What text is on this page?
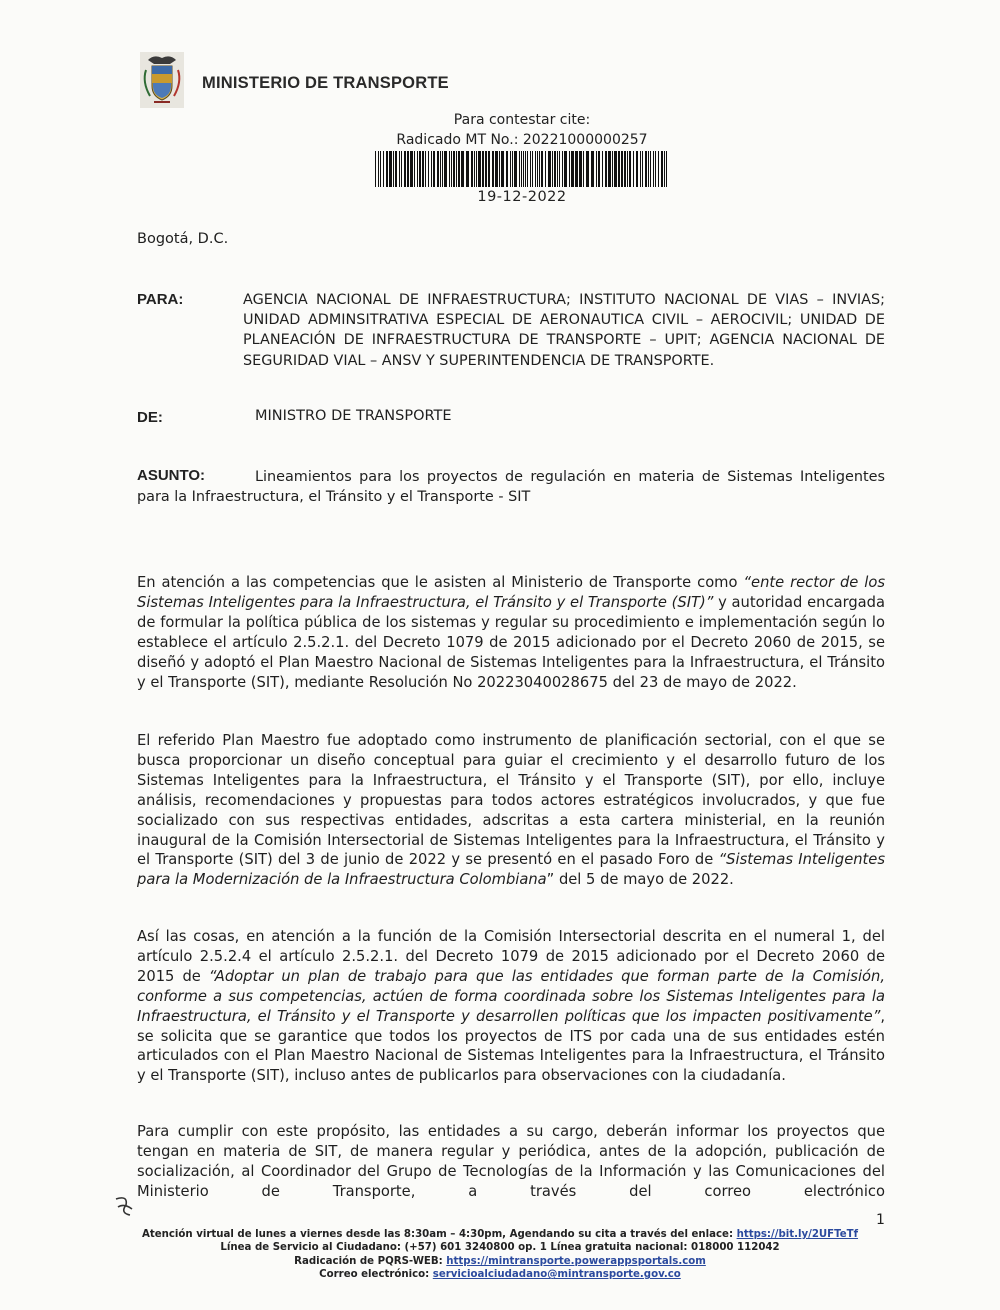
MINISTERIO DE TRANSPORTE
Para contestar cite:
Radicado MT No.: 20221000000257
19-12-2022
Bogotá, D.C.
PARA:	AGENCIA NACIONAL DE INFRAESTRUCTURA; INSTITUTO NACIONAL DE VIAS – INVIAS; UNIDAD ADMINSITRATIVA ESPECIAL DE AERONAUTICA CIVIL – AEROCIVIL; UNIDAD DE PLANEACIÓN DE INFRAESTRUCTURA DE TRANSPORTE – UPIT; AGENCIA NACIONAL DE SEGURIDAD VIAL – ANSV Y SUPERINTENDENCIA DE TRANSPORTE.
DE:	MINISTRO DE TRANSPORTE
ASUNTO:	Lineamientos para los proyectos de regulación en materia de Sistemas Inteligentes para la Infraestructura, el Tránsito y el Transporte - SIT
En atención a las competencias que le asisten al Ministerio de Transporte como “ente rector de los Sistemas Inteligentes para la Infraestructura, el Tránsito y el Transporte (SIT)” y autoridad encargada de formular la política pública de los sistemas y regular su procedimiento e implementación según lo establece el artículo 2.5.2.1. del Decreto 1079 de 2015 adicionado por el Decreto 2060 de 2015, se diseñó y adoptó el Plan Maestro Nacional de Sistemas Inteligentes para la Infraestructura, el Tránsito y el Transporte (SIT), mediante Resolución No 20223040028675 del 23 de mayo de 2022.
El referido Plan Maestro fue adoptado como instrumento de planificación sectorial, con el que se busca proporcionar un diseño conceptual para guiar el crecimiento y el desarrollo futuro de los Sistemas Inteligentes para la Infraestructura, el Tránsito y el Transporte (SIT), por ello, incluye análisis, recomendaciones y propuestas para todos actores estratégicos involucrados, y que fue socializado con sus respectivas entidades, adscritas a esta cartera ministerial, en la reunión inaugural de la Comisión Intersectorial de Sistemas Inteligentes para la Infraestructura, el Tránsito y el Transporte (SIT) del 3 de junio de 2022 y se presentó en el pasado Foro de “Sistemas Inteligentes para la Modernización de la Infraestructura Colombiana” del 5 de mayo de 2022.
Así las cosas, en atención a la función de la Comisión Intersectorial descrita en el numeral 1, del artículo 2.5.2.4 el artículo 2.5.2.1. del Decreto 1079 de 2015 adicionado por el Decreto 2060 de 2015 de “Adoptar un plan de trabajo para que las entidades que forman parte de la Comisión, conforme a sus competencias, actúen de forma coordinada sobre los Sistemas Inteligentes para la Infraestructura, el Tránsito y el Transporte y desarrollen políticas que los impacten positivamente”, se solicita que se garantice que todos los proyectos de ITS por cada una de sus entidades estén articulados con el Plan Maestro Nacional de Sistemas Inteligentes para la Infraestructura, el Tránsito y el Transporte (SIT), incluso antes de publicarlos para observaciones con la ciudadanía.
Para cumplir con este propósito, las entidades a su cargo, deberán informar los proyectos que tengan en materia de SIT, de manera regular y periódica, antes de la adopción, publicación de socialización, al Coordinador del Grupo de Tecnologías de la Información y las Comunicaciones del Ministerio de Transporte, a través del correo electrónico
1
Atención virtual de lunes a viernes desde las 8:30am – 4:30pm, Agendando su cita a través del enlace: https://bit.ly/2UFTeTf
Línea de Servicio al Ciudadano: (+57) 601 3240800 op. 1 Línea gratuita nacional: 018000 112042
Radicación de PQRS-WEB: https://mintransporte.powerappsportals.com
Correo electrónico: servicioalciudadano@mintransporte.gov.co
